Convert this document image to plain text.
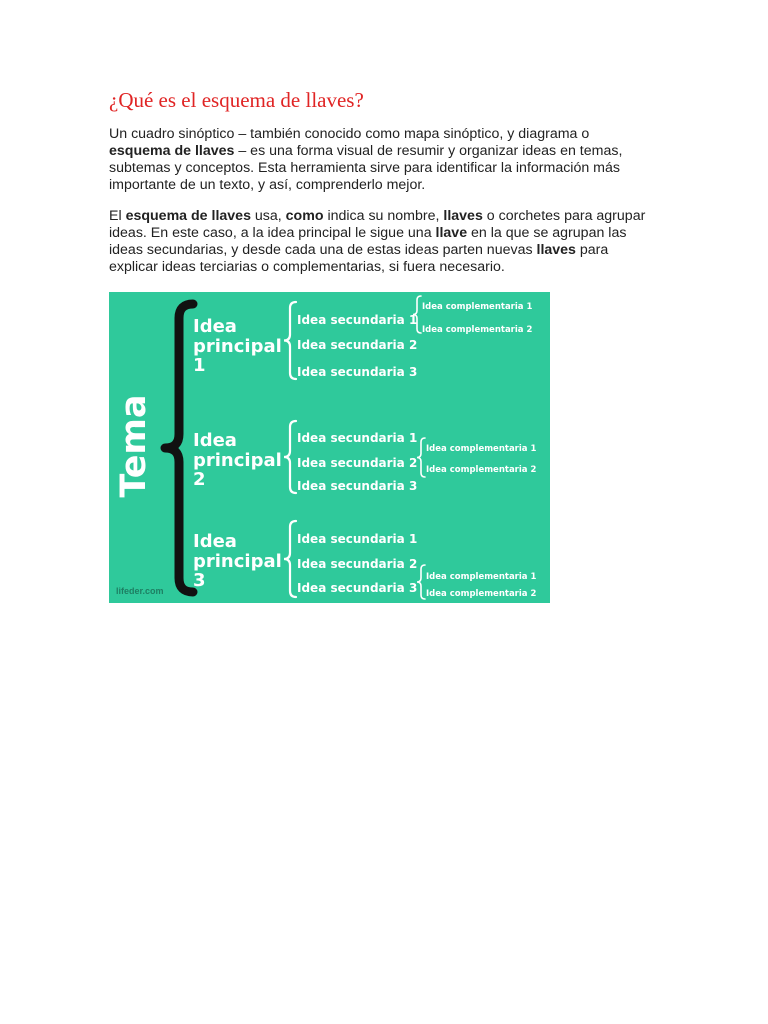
¿Qué es el esquema de llaves?

Un cuadro sinóptico – también conocido como mapa sinóptico, y diagrama o esquema de llaves – es una forma visual de resumir y organizar ideas en temas, subtemas y conceptos. Esta herramienta sirve para identificar la información más importante de un texto, y así, comprenderlo mejor.

El esquema de llaves usa, como indica su nombre, llaves o corchetes para agrupar ideas. En este caso, a la idea principal le sigue una llave en la que se agrupan las ideas secundarias, y desde cada una de estas ideas parten nuevas llaves para explicar ideas terciarias o complementarias, si fuera necesario.

Tema
Idea
principal
1
Idea secundaria 1
Idea secundaria 2
Idea secundaria 3
Idea complementaria 1
Idea complementaria 2
Idea
principal
2
Idea secundaria 1
Idea secundaria 2
Idea secundaria 3
Idea complementaria 1
Idea complementaria 2
Idea
principal
3
Idea secundaria 1
Idea secundaria 2
Idea secundaria 3
Idea complementaria 1
Idea complementaria 2
lifeder.com
